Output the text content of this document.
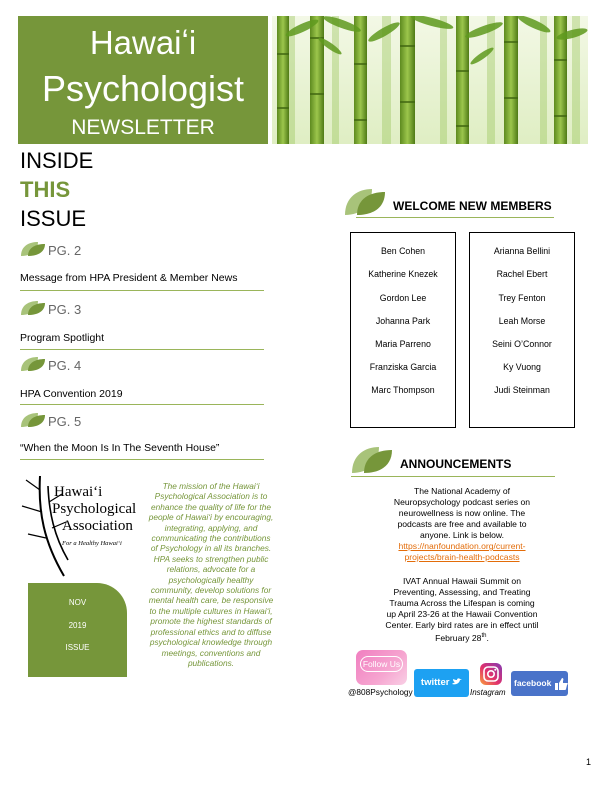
Hawaiʻi
Psychologist
NEWSLETTER
INSIDE
THIS
ISSUE
PG. 2
Message from HPA President & Member News
PG. 3
Program Spotlight
PG. 4
HPA Convention 2019
PG. 5
“When the Moon Is In The Seventh House”
Hawaiʻi
Psychological
Association
For a Healthy Hawaiʻi
The mission of the Hawaiʻi Psychological Association is to enhance the quality of life for the people of Hawaiʻi by encouraging, integrating, applying, and communicating the contributions of Psychology in all its branches. HPA seeks to strengthen public relations, advocate for a psychologically healthy community, develop solutions for mental health care, be responsive to the multiple cultures in Hawaiʻi, promote the highest standards of professional ethics and to diffuse psychological knowledge through meetings, conventions and publications.
NOV
2019
ISSUE
WELCOME NEW MEMBERS
Ben Cohen
Katherine Knezek
Gordon Lee
Johanna Park
Maria Parreno
Franziska Garcia
Marc Thompson
Arianna Bellini
Rachel Ebert
Trey Fenton
Leah Morse
Seini O’Connor
Ky Vuong
Judi Steinman
ANNOUNCEMENTS
The National Academy of
Neuropsychology podcast series on
neurowellness is now online. The
podcasts are free and available to
anyone. Link is below.
https://nanfoundation.org/current-
projects/brain-health-podcasts
IVAT Annual Hawaii Summit on
Preventing, Assessing, and Treating
Trauma Across the Lifespan is coming
up April 23-26 at the Hawaii Convention
Center. Early bird rates are in effect until
February 28th.
Follow Us
@808Psychology
twitter
Instagram
facebook
1
